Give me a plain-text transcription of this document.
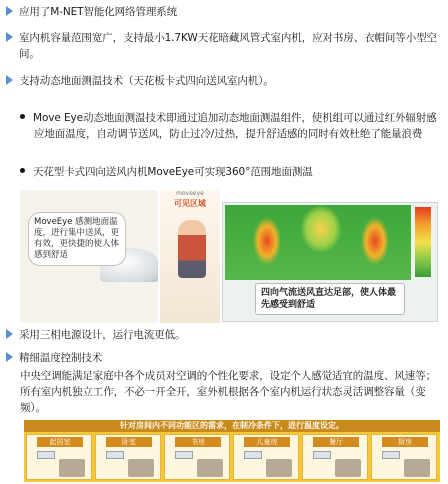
应用了M-NET智能化网络管理系统
室内机容量范围宽广，支持最小1.7KW天花暗藏风管式室内机，应对书房、衣帽间等小型空间。
支持动态地面测温技术（天花板卡式四向送风室内机）。
Move Eye动态地面测温技术即通过追加动态地面测温组件，使机组可以通过红外辐射感应地面温度，自动调节送风，防止过冷/过热，提升舒适感的同时有效杜绝了能量浪费
天花型卡式四向送风内机MoveEye可实现360°范围地面测温
MoveEye 感测地面温度，进行集中送风，更有效，更快捷的使人体感到舒适
moveeye
可见区域
四向气流送风直达足部，使人体最先感受到舒适
采用三相电源设计，运行电流更低。
精细温度控制技术
中央空调能满足家庭中各个成员对空调的个性化要求，设定个人感觉适宜的温度、风速等；所有室内机独立工作，不必一开全开，室外机根据各个室内机运行状态灵活调整容量（变频）。
针对房间内不同功能区的需求，在制冷条件下，进行温度设定。
起居室	卧室	书房	儿童房	餐厅	厨房
